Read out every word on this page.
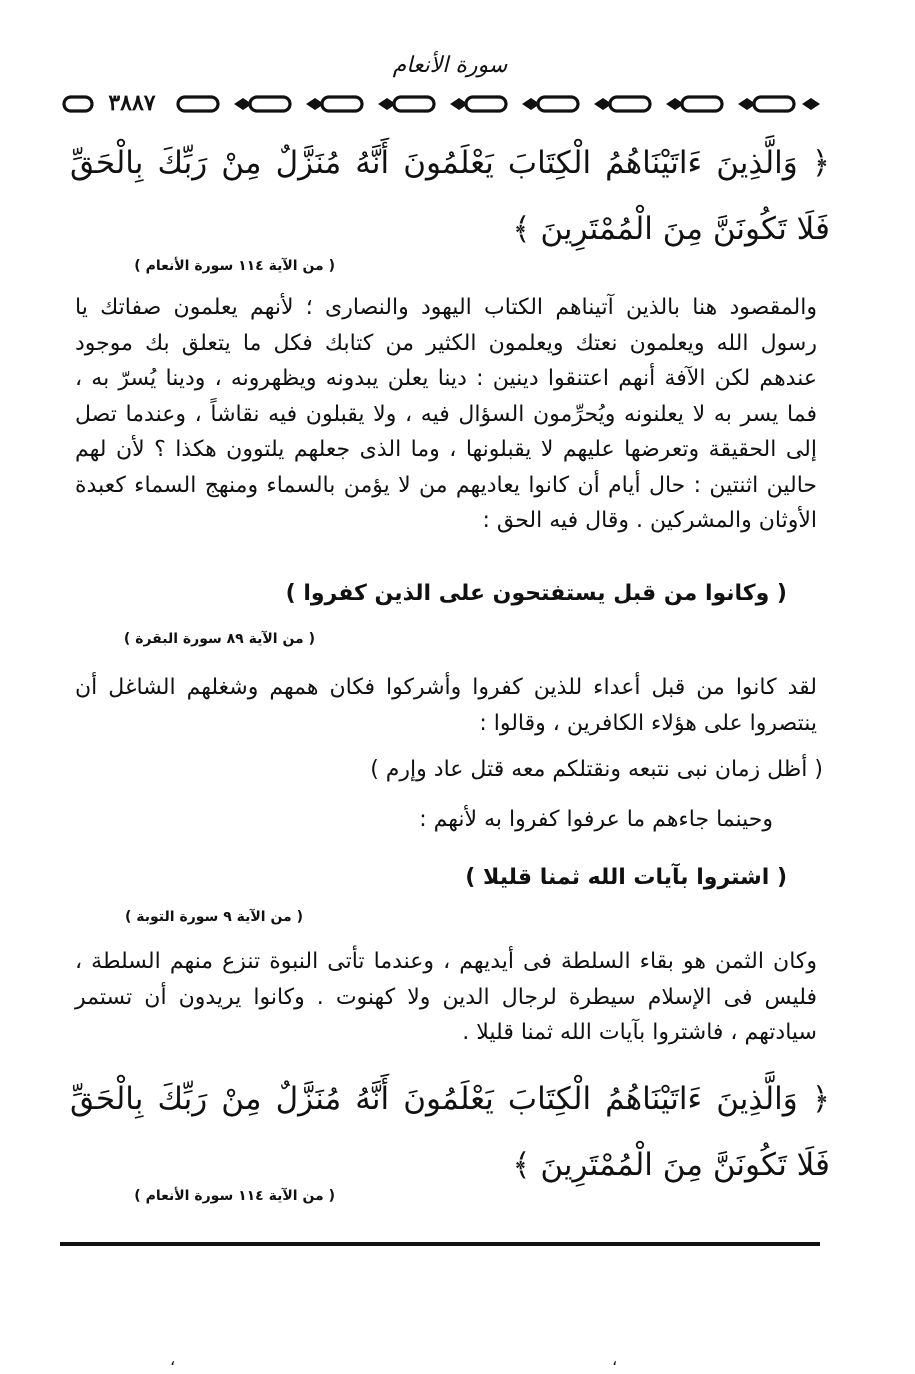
سورة الأنعام
٣٨٨٧
﴿ وَالَّذِينَ ءَاتَيْنَاهُمُ الْكِتَابَ يَعْلَمُونَ أَنَّهُ مُنَزَّلٌ مِنْ رَبِّكَ بِالْحَقِّ فَلَا تَكُونَنَّ مِنَ الْمُمْتَرِينَ ﴾
( من الآية ١١٤ سورة الأنعام )
والمقصود هنا بالذين آتيناهم الكتاب اليهود والنصارى ؛ لأنهم يعلمون صفاتك يا رسول الله ويعلمون نعتك ويعلمون الكثير من كتابك فكل ما يتعلق بك موجود عندهم لكن الآفة أنهم اعتنقوا دينين : دينا يعلن يبدونه ويظهرونه ، ودينا يُسرّ به ، فما يسر به لا يعلنونه ويُحرِّمون السؤال فيه ، ولا يقبلون فيه نقاشاً ، وعندما تصل إلى الحقيقة وتعرضها عليهم لا يقبلونها ، وما الذى جعلهم يلتوون هكذا ؟ لأن لهم حالين اثنتين : حال أيام أن كانوا يعاديهم من لا يؤمن بالسماء ومنهج السماء كعبدة الأوثان والمشركين . وقال فيه الحق :
( وكانوا من قبل يستفتحون على الذين كفروا )
( من الآية ٨٩ سورة البقرة )
لقد كانوا من قبل أعداء للذين كفروا وأشركوا فكان همهم وشغلهم الشاغل أن ينتصروا على هؤلاء الكافرين ، وقالوا :
( أظل زمان نبى نتبعه ونقتلكم معه قتل عاد وإرم )
وحينما جاءهم ما عرفوا كفروا به لأنهم :
( اشتروا بآيات الله ثمنا قليلا )
( من الآية ٩ سورة التوبة )
وكان الثمن هو بقاء السلطة فى أيديهم ، وعندما تأتى النبوة تنزع منهم السلطة ، فليس فى الإسلام سيطرة لرجال الدين ولا كهنوت . وكانوا يريدون أن تستمر سيادتهم ، فاشتروا بآيات الله ثمنا قليلا .
﴿ وَالَّذِينَ ءَاتَيْنَاهُمُ الْكِتَابَ يَعْلَمُونَ أَنَّهُ مُنَزَّلٌ مِنْ رَبِّكَ بِالْحَقِّ فَلَا تَكُونَنَّ مِنَ الْمُمْتَرِينَ ﴾
( من الآية ١١٤ سورة الأنعام )
،	،
